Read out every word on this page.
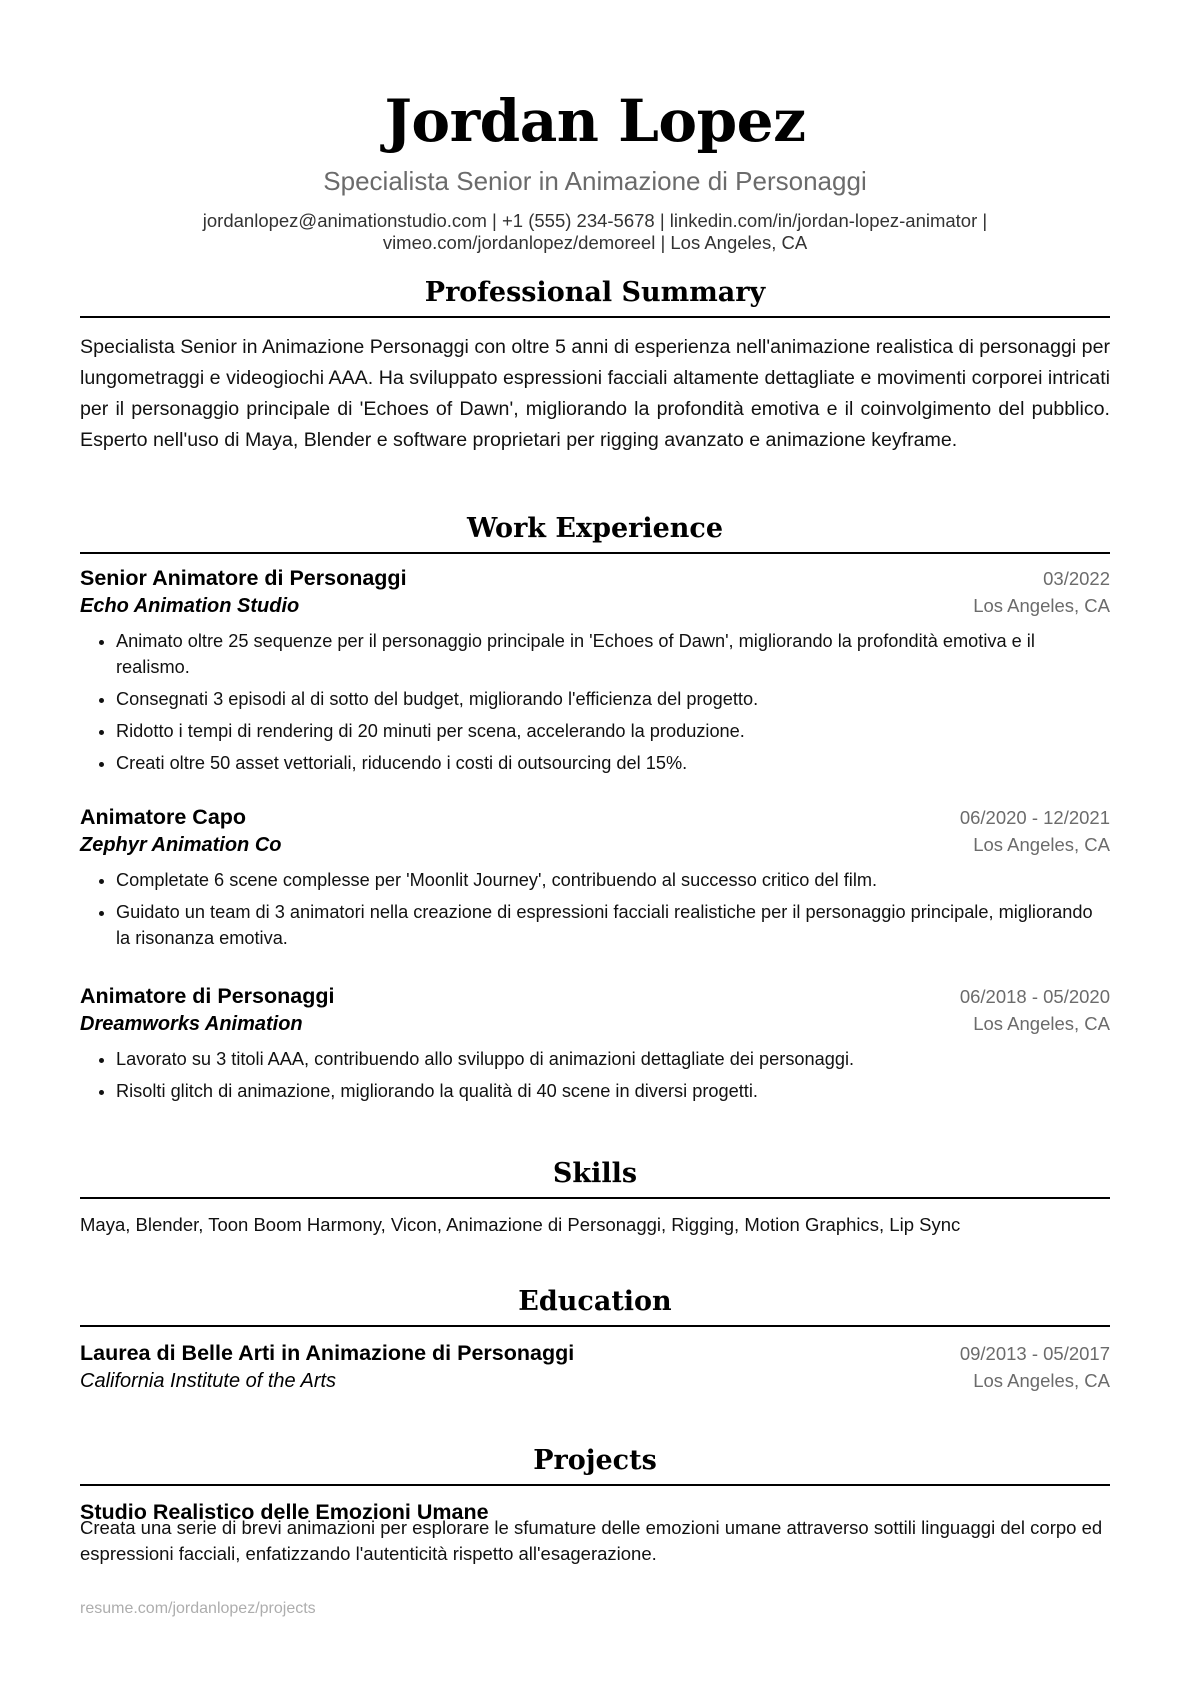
Jordan Lopez
Specialista Senior in Animazione di Personaggi
jordanlopez@animationstudio.com | +1 (555) 234-5678 | linkedin.com/in/jordan-lopez-animator | vimeo.com/jordanlopez/demoreel | Los Angeles, CA
Professional Summary
Specialista Senior in Animazione Personaggi con oltre 5 anni di esperienza nell'animazione realistica di personaggi per lungometraggi e videogiochi AAA. Ha sviluppato espressioni facciali altamente dettagliate e movimenti corporei intricati per il personaggio principale di 'Echoes of Dawn', migliorando la profondità emotiva e il coinvolgimento del pubblico. Esperto nell'uso di Maya, Blender e software proprietari per rigging avanzato e animazione keyframe.
Work Experience
Senior Animatore di Personaggi	03/2022
Echo Animation Studio	Los Angeles, CA
• Animato oltre 25 sequenze per il personaggio principale in 'Echoes of Dawn', migliorando la profondità emotiva e il realismo.
• Consegnati 3 episodi al di sotto del budget, migliorando l'efficienza del progetto.
• Ridotto i tempi di rendering di 20 minuti per scena, accelerando la produzione.
• Creati oltre 50 asset vettoriali, riducendo i costi di outsourcing del 15%.
Animatore Capo	06/2020 - 12/2021
Zephyr Animation Co	Los Angeles, CA
• Completate 6 scene complesse per 'Moonlit Journey', contribuendo al successo critico del film.
• Guidato un team di 3 animatori nella creazione di espressioni facciali realistiche per il personaggio principale, migliorando la risonanza emotiva.
Animatore di Personaggi	06/2018 - 05/2020
Dreamworks Animation	Los Angeles, CA
• Lavorato su 3 titoli AAA, contribuendo allo sviluppo di animazioni dettagliate dei personaggi.
• Risolti glitch di animazione, migliorando la qualità di 40 scene in diversi progetti.
Skills
Maya, Blender, Toon Boom Harmony, Vicon, Animazione di Personaggi, Rigging, Motion Graphics, Lip Sync
Education
Laurea di Belle Arti in Animazione di Personaggi	09/2013 - 05/2017
California Institute of the Arts	Los Angeles, CA
Projects
Studio Realistico delle Emozioni Umane
Creata una serie di brevi animazioni per esplorare le sfumature delle emozioni umane attraverso sottili linguaggi del corpo ed espressioni facciali, enfatizzando l'autenticità rispetto all'esagerazione.
resume.com/jordanlopez/projects
